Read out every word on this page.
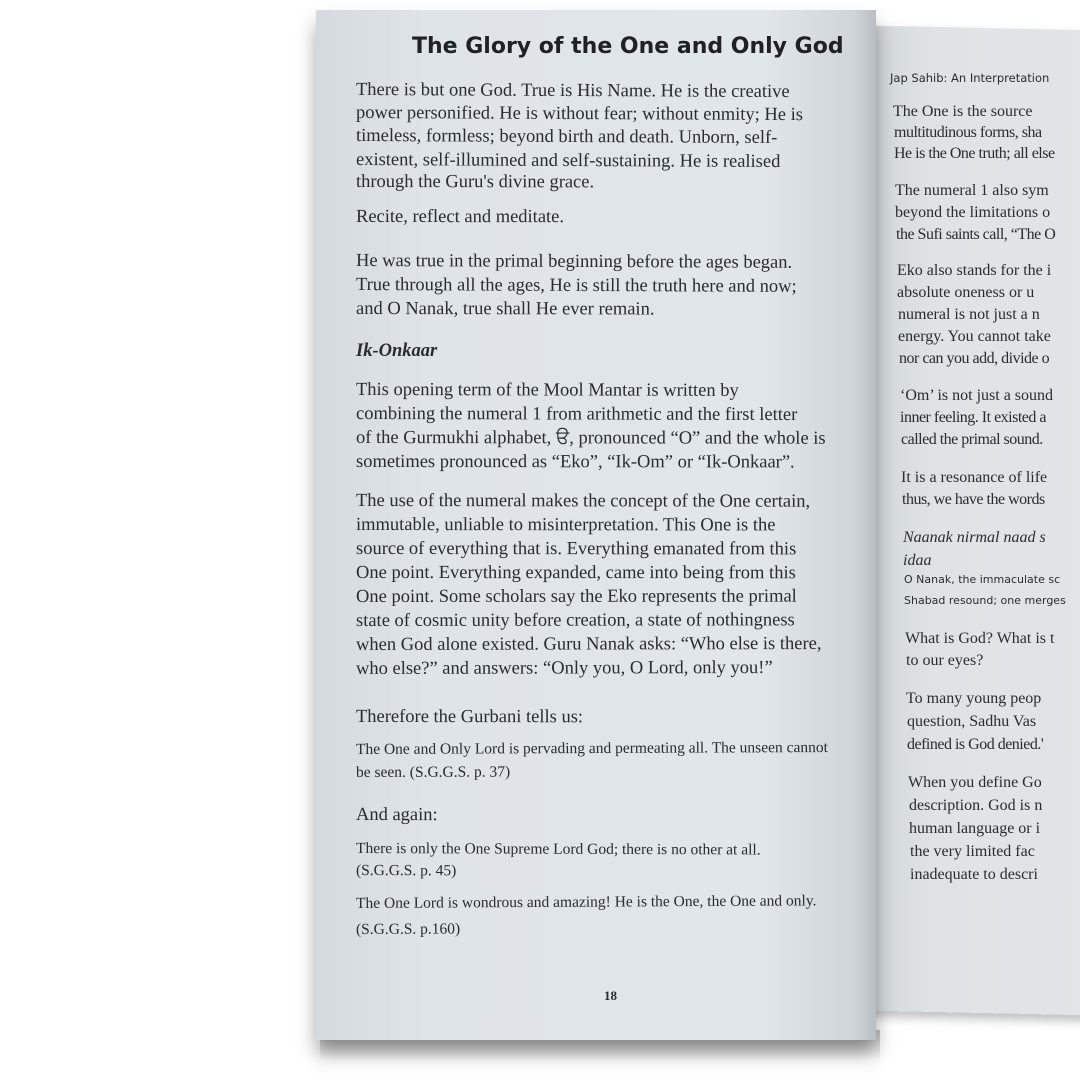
The Glory of the One and Only God
There is but one God. True is His Name. He is the creative
power personified. He is without fear; without enmity; He is
timeless, formless; beyond birth and death. Unborn, self-
existent, self-illumined and self-sustaining. He is realised
through the Guru's divine grace.
Recite, reflect and meditate.
He was true in the primal beginning before the ages began.
True through all the ages, He is still the truth here and now;
and O Nanak, true shall He ever remain.
Ik-Onkaar
This opening term of the Mool Mantar is written by
combining the numeral 1 from arithmetic and the first letter
of the Gurmukhi alphabet, ੳ, pronounced “O” and the whole is
sometimes pronounced as “Eko”, “Ik-Om” or “Ik-Onkaar”.
The use of the numeral makes the concept of the One certain,
immutable, unliable to misinterpretation. This One is the
source of everything that is. Everything emanated from this
One point. Everything expanded, came into being from this
One point. Some scholars say the Eko represents the primal
state of cosmic unity before creation, a state of nothingness
when God alone existed. Guru Nanak asks: “Who else is there,
who else?” and answers: “Only you, O Lord, only you!”
Therefore the Gurbani tells us:
The One and Only Lord is pervading and permeating all. The unseen cannot
be seen. (S.G.G.S. p. 37)
And again:
There is only the One Supreme Lord God; there is no other at all.
(S.G.G.S. p. 45)
The One Lord is wondrous and amazing! He is the One, the One and only.
(S.G.G.S. p.160)
18
Jap Sahib: An Interpretation
The One is the source
multitudinous forms, sha
He is the One truth; all else
The numeral 1 also sym
beyond the limitations o
the Sufi saints call, “The O
Eko also stands for the i
absolute oneness or u
numeral is not just a n
energy. You cannot take
nor can you add, divide o
‘Om’ is not just a sound
inner feeling. It existed a
called the primal sound.
It is a resonance of life
thus, we have the words
Naanak nirmal naad s
idaa
O Nanak, the immaculate sc
Shabad resound; one merges
What is God? What is t
to our eyes?
To many young peop
question, Sadhu Vas
defined is God denied.'
When you define Go
description. God is n
human language or i
the very limited fac
inadequate to descri
